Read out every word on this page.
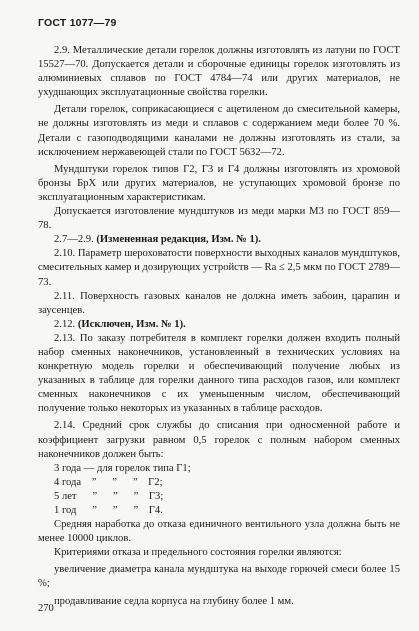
ГОСТ 1077—79

2.9. Металлические детали горелок должны изготовлять из латуни по ГОСТ 15527—70. Допускается детали и сборочные единицы горелок изготовлять из алюминиевых сплавов по ГОСТ 4784—74 или других материалов, не ухудшающих эксплуатационные свойства горелки.

Детали горелок, соприкасающиеся с ацетиленом до смесительной камеры, не должны изготовлять из меди и сплавов с содержанием меди более 70 %. Детали с газоподводящими каналами не должны изготовлять из стали, за исключением нержавеющей стали по ГОСТ 5632—72.

Мундштуки горелок типов Г2, Г3 и Г4 должны изготовлять из хромовой бронзы БрХ или других материалов, не уступающих хромовой бронзе по эксплуатационным характеристикам.

Допускается изготовление мундштуков из меди марки М3 по ГОСТ 859—78.

2.7—2.9. (Измененная редакция, Изм. № 1).

2.10. Параметр шероховатости поверхности выходных каналов мундштуков, смесительных камер и дозирующих устройств — Ra ≤ 2,5 мкм по ГОСТ 2789—73.

2.11. Поверхность газовых каналов не должна иметь забоин, царапин и заусенцев.

2.12. (Исключен, Изм. № 1).

2.13. По заказу потребителя в комплект горелки должен входить полный набор сменных наконечников, установленный в технических условиях на конкретную модель горелки и обеспечивающий получение любых из указанных в таблице для горелки данного типа расходов газов, или комплект сменных наконечников с их уменьшенным числом, обеспечивающий получение только некоторых из указанных в таблице расходов.

2.14. Средний срок службы до списания при односменной работе и коэффициент загрузки равном 0,5 горелок с полным набором сменных наконечников должен быть:

3 года — для горелок типа Г1;
4 года    ”      ”      ”    Г2;
5 лет      ”      ”      ”    Г3;
1 год      ”      ”      ”    Г4.

Средняя наработка до отказа единичного вентильного узла должна быть не менее 10000 циклов.

Критериями отказа и предельного состояния горелки являются:

увеличение диаметра канала мундштука на выходе горючей смеси более 15 %;

продавливание седла корпуса на глубину более 1 мм.

270
